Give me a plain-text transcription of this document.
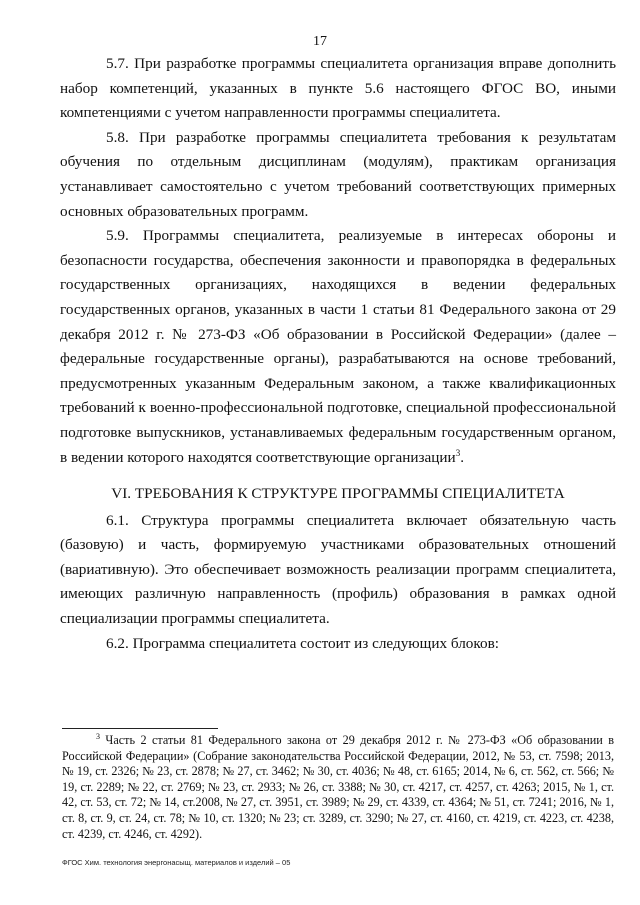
17

5.7. При разработке программы специалитета организация вправе дополнить набор компетенций, указанных в пункте 5.6 настоящего ФГОС ВО, иными компетенциями с учетом направленности программы специалитета.

5.8. При разработке программы специалитета требования к результатам обучения по отдельным дисциплинам (модулям), практикам организация устанавливает самостоятельно с учетом требований соответствующих примерных основных образовательных программ.

5.9. Программы специалитета, реализуемые в интересах обороны и безопасности государства, обеспечения законности и правопорядка в федеральных государственных организациях, находящихся в ведении федеральных государственных органов, указанных в части 1 статьи 81 Федерального закона от 29 декабря 2012 г. № 273-ФЗ «Об образовании в Российской Федерации» (далее – федеральные государственные органы), разрабатываются на основе требований, предусмотренных указанным Федеральным законом, а также квалификационных требований к военно-профессиональной подготовке, специальной профессиональной подготовке выпускников, устанавливаемых федеральным государственным органом, в ведении которого находятся соответствующие организации$^3$.

VI. ТРЕБОВАНИЯ К СТРУКТУРЕ ПРОГРАММЫ СПЕЦИАЛИТЕТА

6.1. Структура программы специалитета включает обязательную часть (базовую) и часть, формируемую участниками образовательных отношений (вариативную). Это обеспечивает возможность реализации программ специалитета, имеющих различную направленность (профиль) образования в рамках одной специализации программы специалитета.

6.2. Программа специалитета состоит из следующих блоков:

$^3$ Часть 2 статьи 81 Федерального закона от 29 декабря 2012 г. № 273-ФЗ «Об образовании в Российской Федерации» (Собрание законодательства Российской Федерации, 2012, № 53, ст. 7598; 2013, № 19, ст. 2326; № 23, ст. 2878; № 27, ст. 3462; № 30, ст. 4036; № 48, ст. 6165; 2014, № 6, ст. 562, ст. 566; № 19, ст. 2289; № 22, ст. 2769; № 23, ст. 2933; № 26, ст. 3388; № 30, ст. 4217, ст. 4257, ст. 4263; 2015, № 1, ст. 42, ст. 53, ст. 72; № 14, ст.2008, № 27, ст. 3951, ст. 3989; № 29, ст. 4339, ст. 4364; № 51, ст. 7241; 2016, № 1, ст. 8, ст. 9, ст. 24, ст. 78; № 10, ст. 1320; № 23; ст. 3289, ст. 3290; № 27, ст. 4160, ст. 4219, ст. 4223, ст. 4238, ст. 4239, ст. 4246, ст. 4292).

ФГОС Хим. технология энергонасыщ. материалов и изделий – 05
